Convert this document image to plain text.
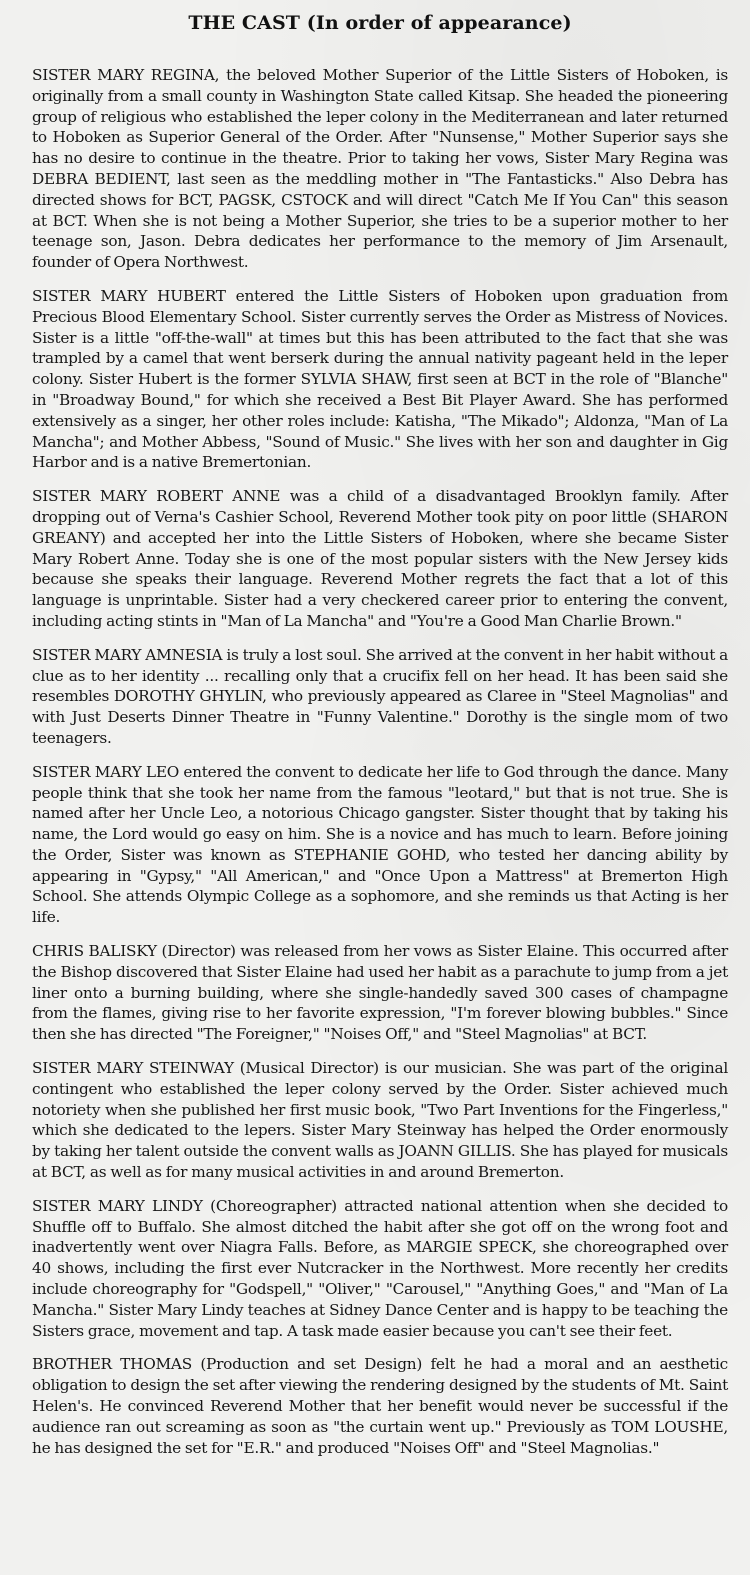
THE CAST (In order of appearance)

SISTER MARY REGINA, the beloved Mother Superior of the Little Sisters of Hoboken, is originally from a small county in Washington State called Kitsap. She headed the pioneering group of religious who established the leper colony in the Mediterranean and later returned to Hoboken as Superior General of the Order. After "Nunsense," Mother Superior says she has no desire to continue in the theatre. Prior to taking her vows, Sister Mary Regina was DEBRA BEDIENT, last seen as the meddling mother in "The Fantasticks." Also Debra has directed shows for BCT, PAGSK, CSTOCK and will direct "Catch Me If You Can" this season at BCT. When she is not being a Mother Superior, she tries to be a superior mother to her teenage son, Jason. Debra dedicates her performance to the memory of Jim Arsenault, founder of Opera Northwest.

SISTER MARY HUBERT entered the Little Sisters of Hoboken upon graduation from Precious Blood Elementary School. Sister currently serves the Order as Mistress of Novices. Sister is a little "off-the-wall" at times but this has been attributed to the fact that she was trampled by a camel that went berserk during the annual nativity pageant held in the leper colony. Sister Hubert is the former SYLVIA SHAW, first seen at BCT in the role of "Blanche" in "Broadway Bound," for which she received a Best Bit Player Award. She has performed extensively as a singer, her other roles include: Katisha, "The Mikado"; Aldonza, "Man of La Mancha"; and Mother Abbess, "Sound of Music." She lives with her son and daughter in Gig Harbor and is a native Bremertonian.

SISTER MARY ROBERT ANNE was a child of a disadvantaged Brooklyn family. After dropping out of Verna's Cashier School, Reverend Mother took pity on poor little (SHARON GREANY) and accepted her into the Little Sisters of Hoboken, where she became Sister Mary Robert Anne. Today she is one of the most popular sisters with the New Jersey kids because she speaks their language. Reverend Mother regrets the fact that a lot of this language is unprintable. Sister had a very checkered career prior to entering the convent, including acting stints in "Man of La Mancha" and "You're a Good Man Charlie Brown."

SISTER MARY AMNESIA is truly a lost soul. She arrived at the convent in her habit without a clue as to her identity ... recalling only that a crucifix fell on her head. It has been said she resembles DOROTHY GHYLIN, who previously appeared as Claree in "Steel Magnolias" and with Just Deserts Dinner Theatre in "Funny Valentine." Dorothy is the single mom of two teenagers.

SISTER MARY LEO entered the convent to dedicate her life to God through the dance. Many people think that she took her name from the famous "leotard," but that is not true. She is named after her Uncle Leo, a notorious Chicago gangster. Sister thought that by taking his name, the Lord would go easy on him. She is a novice and has much to learn. Before joining the Order, Sister was known as STEPHANIE GOHD, who tested her dancing ability by appearing in "Gypsy," "All American," and "Once Upon a Mattress" at Bremerton High School. She attends Olympic College as a sophomore, and she reminds us that Acting is her life.

CHRIS BALISKY (Director) was released from her vows as Sister Elaine. This occurred after the Bishop discovered that Sister Elaine had used her habit as a parachute to jump from a jet liner onto a burning building, where she single-handedly saved 300 cases of champagne from the flames, giving rise to her favorite expression, "I'm forever blowing bubbles." Since then she has directed "The Foreigner," "Noises Off," and "Steel Magnolias" at BCT.

SISTER MARY STEINWAY (Musical Director) is our musician. She was part of the original contingent who established the leper colony served by the Order. Sister achieved much notoriety when she published her first music book, "Two Part Inventions for the Fingerless," which she dedicated to the lepers. Sister Mary Steinway has helped the Order enormously by taking her talent outside the convent walls as JOANN GILLIS. She has played for musicals at BCT, as well as for many musical activities in and around Bremerton.

SISTER MARY LINDY (Choreographer) attracted national attention when she decided to Shuffle off to Buffalo. She almost ditched the habit after she got off on the wrong foot and inadvertently went over Niagra Falls. Before, as MARGIE SPECK, she choreographed over 40 shows, including the first ever Nutcracker in the Northwest. More recently her credits include choreography for "Godspell," "Oliver," "Carousel," "Anything Goes," and "Man of La Mancha." Sister Mary Lindy teaches at Sidney Dance Center and is happy to be teaching the Sisters grace, movement and tap. A task made easier because you can't see their feet.

BROTHER THOMAS (Production and set Design) felt he had a moral and an aesthetic obligation to design the set after viewing the rendering designed by the students of Mt. Saint Helen's. He convinced Reverend Mother that her benefit would never be successful if the audience ran out screaming as soon as "the curtain went up." Previously as TOM LOUSHE, he has designed the set for "E.R." and produced "Noises Off" and "Steel Magnolias."
